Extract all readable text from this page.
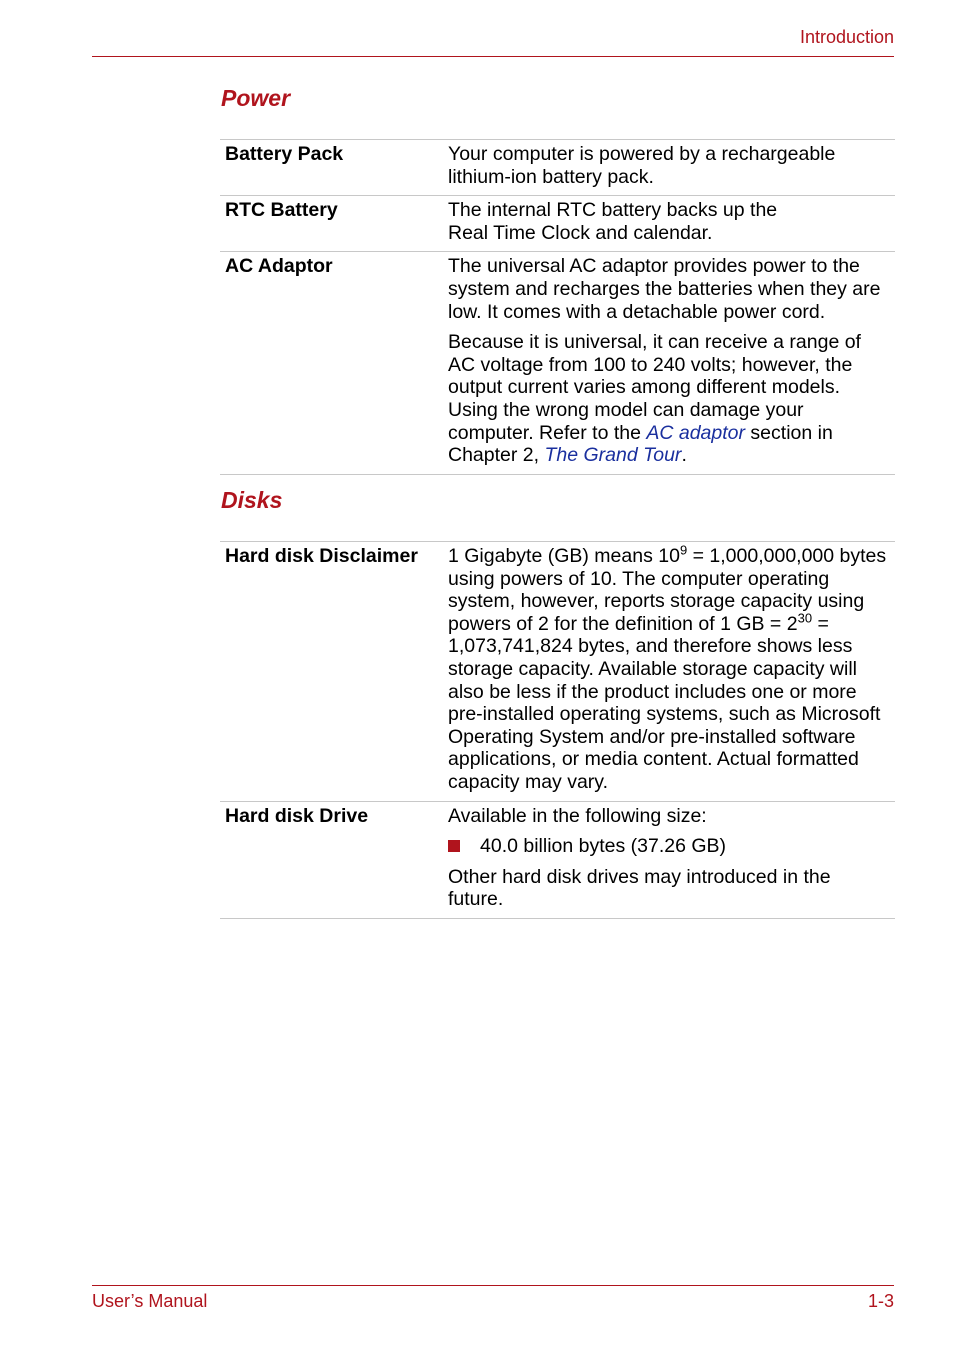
Introduction
Power
Battery Pack	Your computer is powered by a rechargeable lithium-ion battery pack.

RTC Battery	The internal RTC battery backs up the
Real Time Clock and calendar.
AC Adaptor	The universal AC adaptor provides power to the system and recharges the batteries when they are low. It comes with a detachable power cord.

Because it is universal, it can receive a range of AC voltage from 100 to 240 volts; however, the output current varies among different models. Using the wrong model can damage your computer. Refer to the AC adaptor section in Chapter 2, The Grand Tour.

Disks
Hard disk Disclaimer	1 Gigabyte (GB) means $10^9 = 1,000,000,000$ bytes using powers of 10. The computer operating system, however, reports storage capacity using powers of 2 for the definition of 1 GB = $2^{30} = 1,073,741,824$ bytes, and therefore shows less storage capacity. Available storage capacity will also be less if the product includes one or more pre-installed operating systems, such as Microsoft Operating System and/or pre-installed software applications, or media content. Actual formatted capacity may vary.

Hard disk Drive	Available in the following size:

40.0 billion bytes (37.26 GB)

Other hard disk drives may introduced in the future.

User’s Manual	1-3
